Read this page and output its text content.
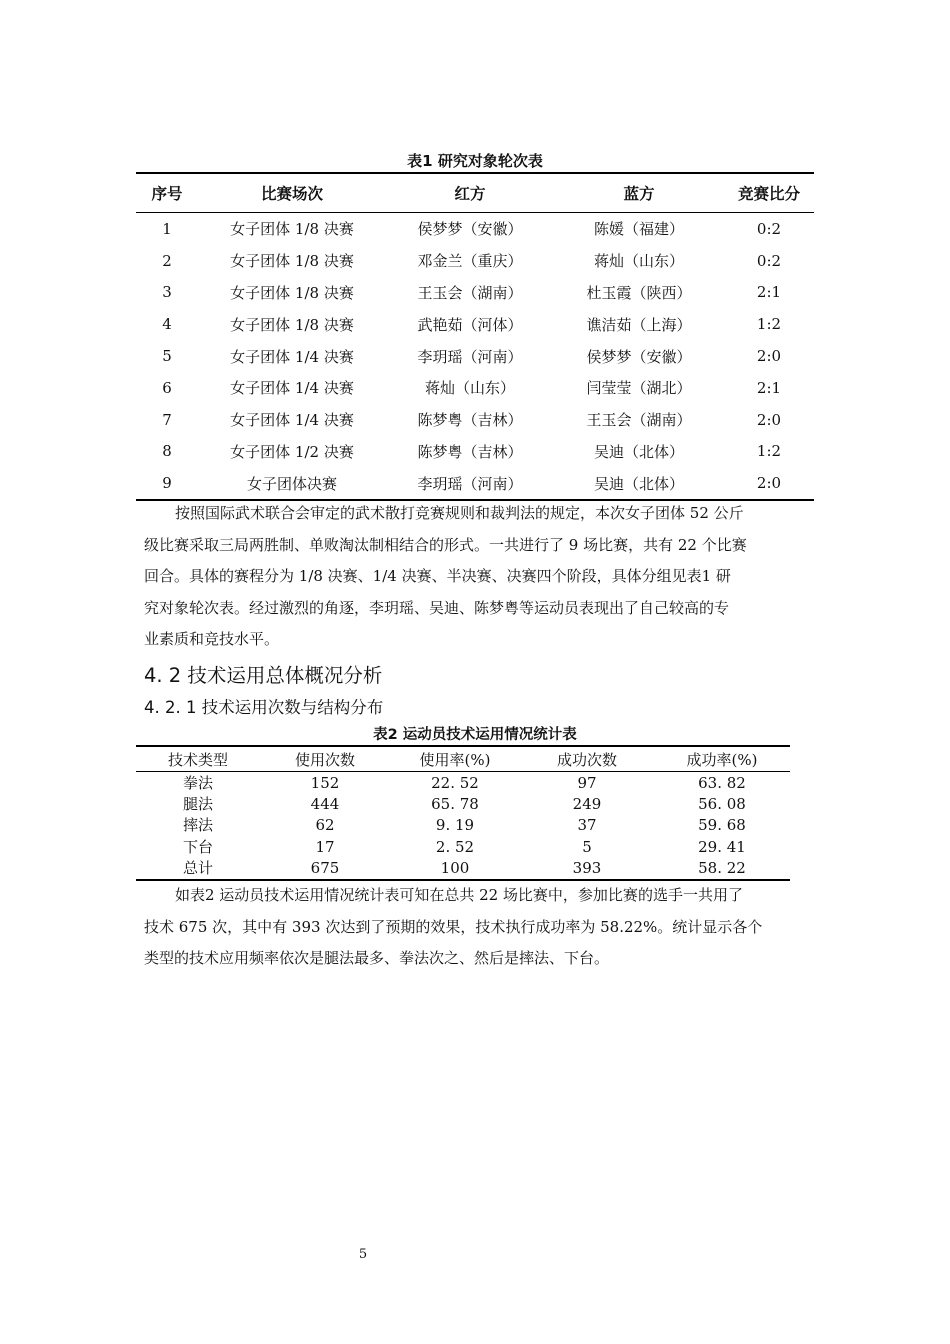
表1 研究对象轮次表
序号	比赛场次	红方	蓝方	竞赛比分
1	女子团体 1/8 决赛	侯梦梦（安徽）	陈媛（福建）	0:2
2	女子团体 1/8 决赛	邓金兰（重庆）	蒋灿（山东）	0:2
3	女子团体 1/8 决赛	王玉会（湖南）	杜玉霞（陕西）	2:1
4	女子团体 1/8 决赛	武艳茹（河体）	谯洁茹（上海）	1:2
5	女子团体 1/4 决赛	李玥瑶（河南）	侯梦梦（安徽）	2:0
6	女子团体 1/4 决赛	蒋灿（山东）	闫莹莹（湖北）	2:1
7	女子团体 1/4 决赛	陈梦粤（吉林）	王玉会（湖南）	2:0
8	女子团体 1/2 决赛	陈梦粤（吉林）	吴迪（北体）	1:2
9	女子团体决赛	李玥瑶（河南）	吴迪（北体）	2:0
按照国际武术联合会审定的武术散打竞赛规则和裁判法的规定，本次女子团体 52 公斤
级比赛采取三局两胜制、单败淘汰制相结合的形式。一共进行了 9 场比赛，共有 22 个比赛
回合。具体的赛程分为 1/8 决赛、1/4 决赛、半决赛、决赛四个阶段，具体分组见表1 研
究对象轮次表。经过激烈的角逐，李玥瑶、吴迪、陈梦粤等运动员表现出了自己较高的专
业素质和竞技水平。
4. 2 技术运用总体概况分析
4. 2. 1 技术运用次数与结构分布
表2 运动员技术运用情况统计表
技术类型	使用次数	使用率(%)	成功次数	成功率(%)
拳法	152	22. 52	97	63. 82
腿法	444	65. 78	249	56. 08
摔法	62	9. 19	37	59. 68
下台	17	2. 52	5	29. 41
总计	675	100	393	58. 22
如表2 运动员技术运用情况统计表可知在总共 22 场比赛中，参加比赛的选手一共用了
技术 675 次，其中有 393 次达到了预期的效果，技术执行成功率为 58.22%。统计显示各个
类型的技术应用频率依次是腿法最多、拳法次之、然后是摔法、下台。
5
